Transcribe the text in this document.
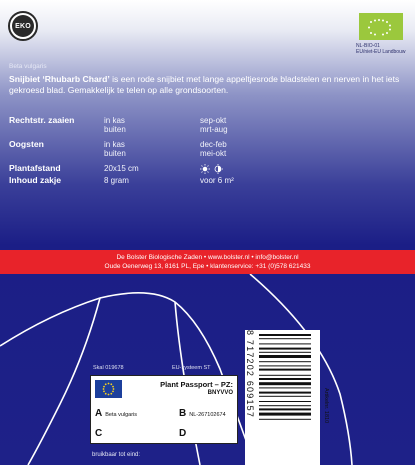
EKO
NL-BIO-01
EU/niet-EU Landbouw
Beta vulgaris
Snijbiet ‘Rhubarb Chard’ is een rode snijbiet met lange appeltjesrode bladstelen en nerven in het iets gekroesd blad. Gemakkelijk te telen op alle grondsoorten.
Rechtstr. zaaien	in kas	sep-okt
	buiten	mrt-aug

Oogsten	in kas	dec-feb
	buiten	mei-okt

Plantafstand	20x15 cm	

Inhoud zakje	8 gram	voor 6 m²
De Bolster Biologische Zaden • www.bolster.nl • info@bolster.nl
Oude Oenerweg 13, 8161 PL, Epe • klantenservice: +31 (0)578 621433
8 717202 609157	Artikelnr. 1810
Skal 019678	EU-systeem ST
Plant Passport – PZ:
BNYVVO
A Beta vulgaris	BNL-267102674
C	D
bruikbaar tot eind:
